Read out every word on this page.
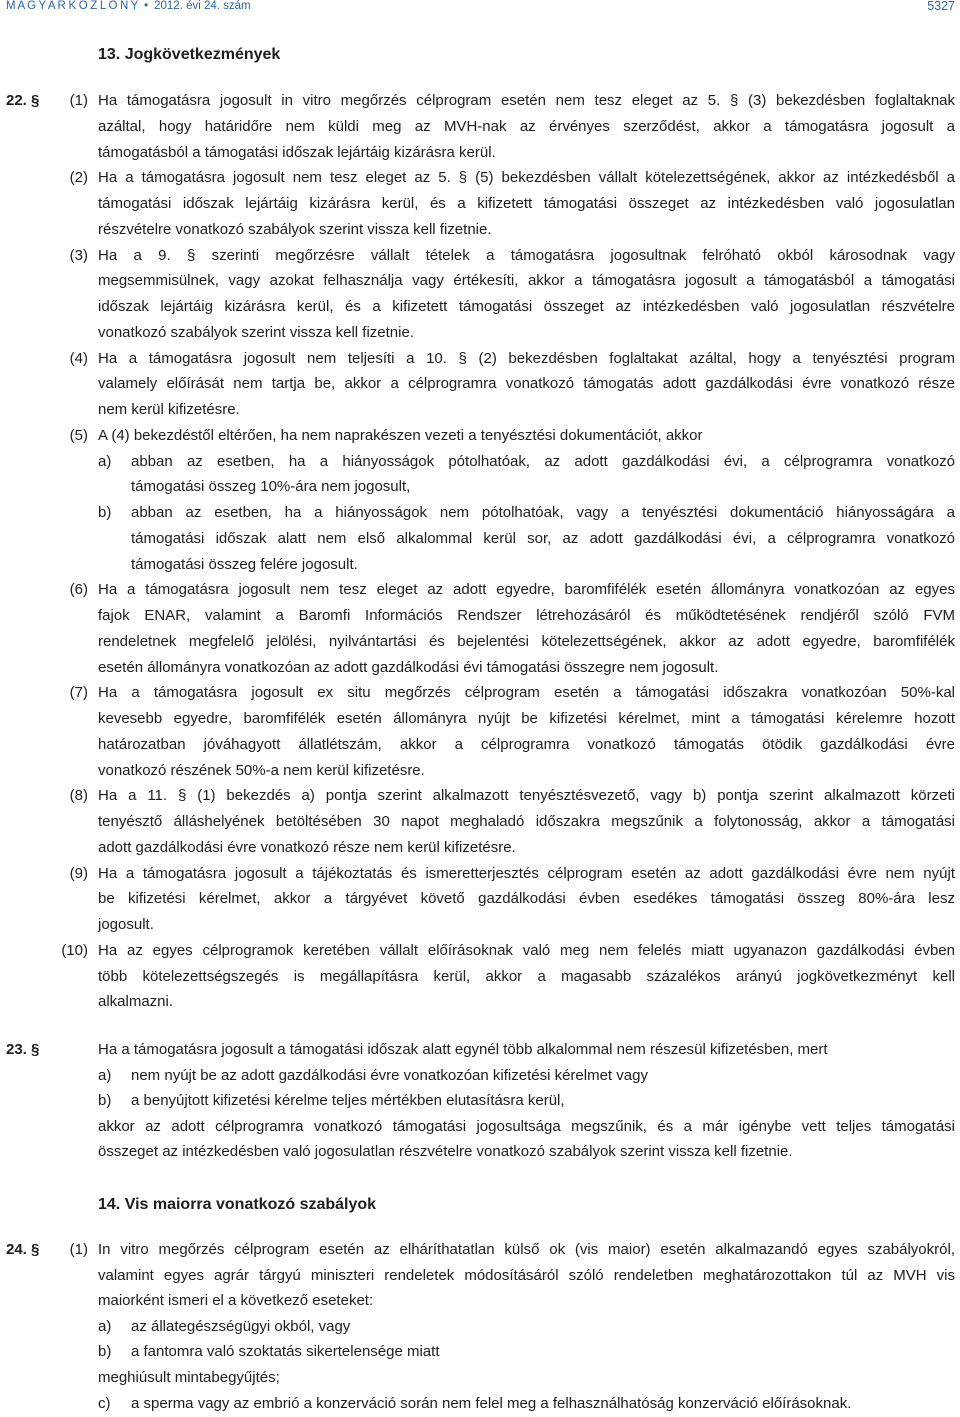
M A G Y A R K Ö Z L Ö N Y • 2012. évi 24. szám	5327
13. Jogkövetkezmények
22. §	(1) Ha támogatásra jogosult in vitro megőrzés célprogram esetén nem tesz eleget az 5. § (3) bekezdésben foglaltaknak
azáltal, hogy határidőre nem küldi meg az MVH-nak az érvényes szerződést, akkor a támogatásra jogosult a
támogatásból a támogatási időszak lejártáig kizárásra kerül.
(2) Ha a támogatásra jogosult nem tesz eleget az 5. § (5) bekezdésben vállalt kötelezettségének, akkor az intézkedésből a
támogatási időszak lejártáig kizárásra kerül, és a kifizetett támogatási összeget az intézkedésben való jogosulatlan
részvételre vonatkozó szabályok szerint vissza kell fizetnie.
(3) Ha a 9. § szerinti megőrzésre vállalt tételek a támogatásra jogosultnak felróható okból károsodnak vagy
megsemmisülnek, vagy azokat felhasználja vagy értékesíti, akkor a támogatásra jogosult a támogatásból a támogatási
időszak lejártáig kizárásra kerül, és a kifizetett támogatási összeget az intézkedésben való jogosulatlan részvételre
vonatkozó szabályok szerint vissza kell fizetnie.
(4) Ha a támogatásra jogosult nem teljesíti a 10. § (2) bekezdésben foglaltakat azáltal, hogy a tenyésztési program
valamely előírását nem tartja be, akkor a célprogramra vonatkozó támogatás adott gazdálkodási évre vonatkozó része
nem kerül kifizetésre.
(5) A (4) bekezdéstől eltérően, ha nem naprakészen vezeti a tenyésztési dokumentációt, akkor
a) abban az esetben, ha a hiányosságok pótolhatóak, az adott gazdálkodási évi, a célprogramra vonatkozó
támogatási összeg 10%-ára nem jogosult,
b) abban az esetben, ha a hiányosságok nem pótolhatóak, vagy a tenyésztési dokumentáció hiányosságára a
támogatási időszak alatt nem első alkalommal kerül sor, az adott gazdálkodási évi, a célprogramra vonatkozó
támogatási összeg felére jogosult.
(6) Ha a támogatásra jogosult nem tesz eleget az adott egyedre, baromfifélék esetén állományra vonatkozóan az egyes
fajok ENAR, valamint a Baromfi Információs Rendszer létrehozásáról és működtetésének rendjéről szóló FVM
rendeletnek megfelelő jelölési, nyilvántartási és bejelentési kötelezettségének, akkor az adott egyedre, baromfifélék
esetén állományra vonatkozóan az adott gazdálkodási évi támogatási összegre nem jogosult.
(7) Ha a támogatásra jogosult ex situ megőrzés célprogram esetén a támogatási időszakra vonatkozóan 50%-kal
kevesebb egyedre, baromfifélék esetén állományra nyújt be kifizetési kérelmet, mint a támogatási kérelemre hozott
határozatban jóváhagyott állatlétszám, akkor a célprogramra vonatkozó támogatás ötödik gazdálkodási évre
vonatkozó részének 50%-a nem kerül kifizetésre.
(8) Ha a 11. § (1) bekezdés a) pontja szerint alkalmazott tenyésztésvezető, vagy b) pontja szerint alkalmazott körzeti
tenyésztő álláshelyének betöltésében 30 napot meghaladó időszakra megszűnik a folytonosság, akkor a támogatási
adott gazdálkodási évre vonatkozó része nem kerül kifizetésre.
(9) Ha a támogatásra jogosult a tájékoztatás és ismeretterjesztés célprogram esetén az adott gazdálkodási évre nem nyújt
be kifizetési kérelmet, akkor a tárgyévet követő gazdálkodási évben esedékes támogatási összeg 80%-ára lesz
jogosult.
(10) Ha az egyes célprogramok keretében vállalt előírásoknak való meg nem felelés miatt ugyanazon gazdálkodási évben
több kötelezettségszegés is megállapításra kerül, akkor a magasabb százalékos arányú jogkövetkezményt kell
alkalmazni.
23. §	Ha a támogatásra jogosult a támogatási időszak alatt egynél több alkalommal nem részesül kifizetésben, mert
a) nem nyújt be az adott gazdálkodási évre vonatkozóan kifizetési kérelmet vagy
b) a benyújtott kifizetési kérelme teljes mértékben elutasításra kerül,
akkor az adott célprogramra vonatkozó támogatási jogosultsága megszűnik, és a már igénybe vett teljes támogatási
összeget az intézkedésben való jogosulatlan részvételre vonatkozó szabályok szerint vissza kell fizetnie.
14. Vis maiorra vonatkozó szabályok
24. §	(1) In vitro megőrzés célprogram esetén az elháríthatatlan külső ok (vis maior) esetén alkalmazandó egyes szabályokról,
valamint egyes agrár tárgyú miniszteri rendeletek módosításáról szóló rendeletben meghatározottakon túl az MVH vis
maiorként ismeri el a következő eseteket:
a) az állategészségügyi okból, vagy
b) a fantomra való szoktatás sikertelensége miatt
meghiúsult mintabegyűjtés;
c) a sperma vagy az embrió a konzerváció során nem felel meg a felhasználhatóság konzerváció előírásoknak.
